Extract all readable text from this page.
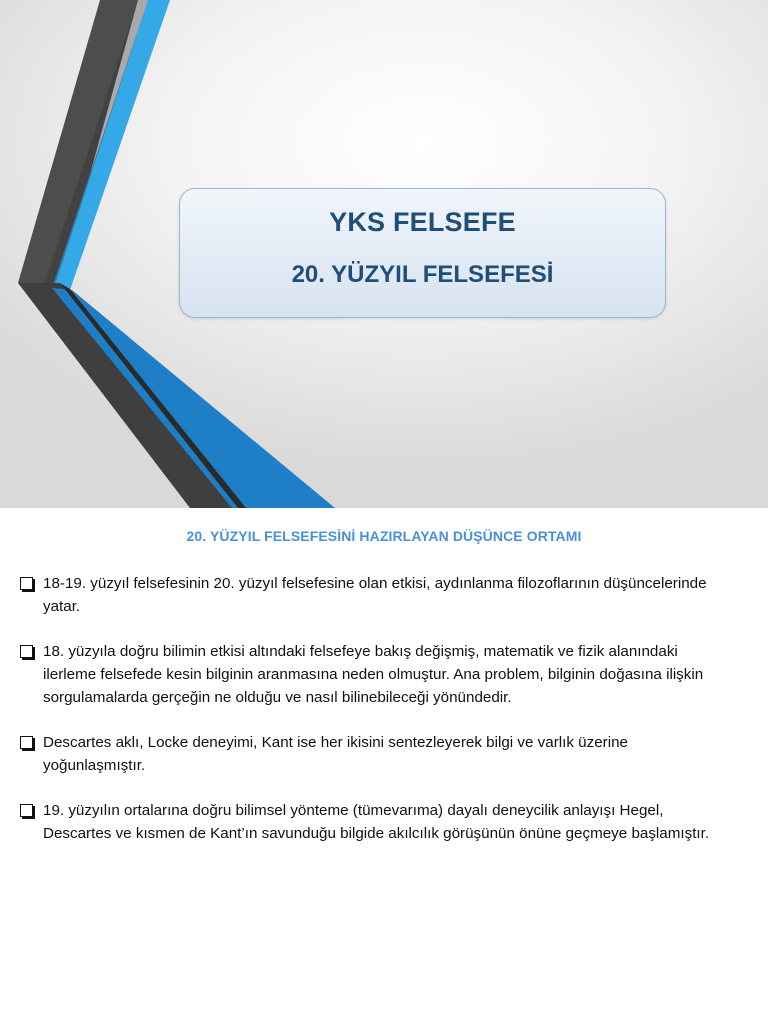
YKS FELSEFE
20. YÜZYIL FELSEFESİ
20. YÜZYIL FELSEFESİNİ HAZIRLAYAN DÜŞÜNCE ORTAMI
18-19. yüzyıl felsefesinin 20. yüzyıl felsefesine olan etkisi, aydınlanma filozoflarının düşüncelerinde yatar.
18. yüzyıla doğru bilimin etkisi altındaki felsefeye bakış değişmiş, matematik ve fizik alanındaki ilerleme felsefede kesin bilginin aranmasına neden olmuştur. Ana problem, bilginin doğasına ilişkin sorgulamalarda gerçeğin ne olduğu ve nasıl bilinebileceği yönündedir.
Descartes aklı, Locke deneyimi, Kant ise her ikisini sentezleyerek bilgi ve varlık üzerine yoğunlaşmıştır.
19. yüzyılın ortalarına doğru bilimsel yönteme (tümevarıma) dayalı deneycilik anlayışı Hegel, Descartes ve kısmen de Kant’ın savunduğu bilgide akılcılık görüşünün önüne geçmeye başlamıştır.
